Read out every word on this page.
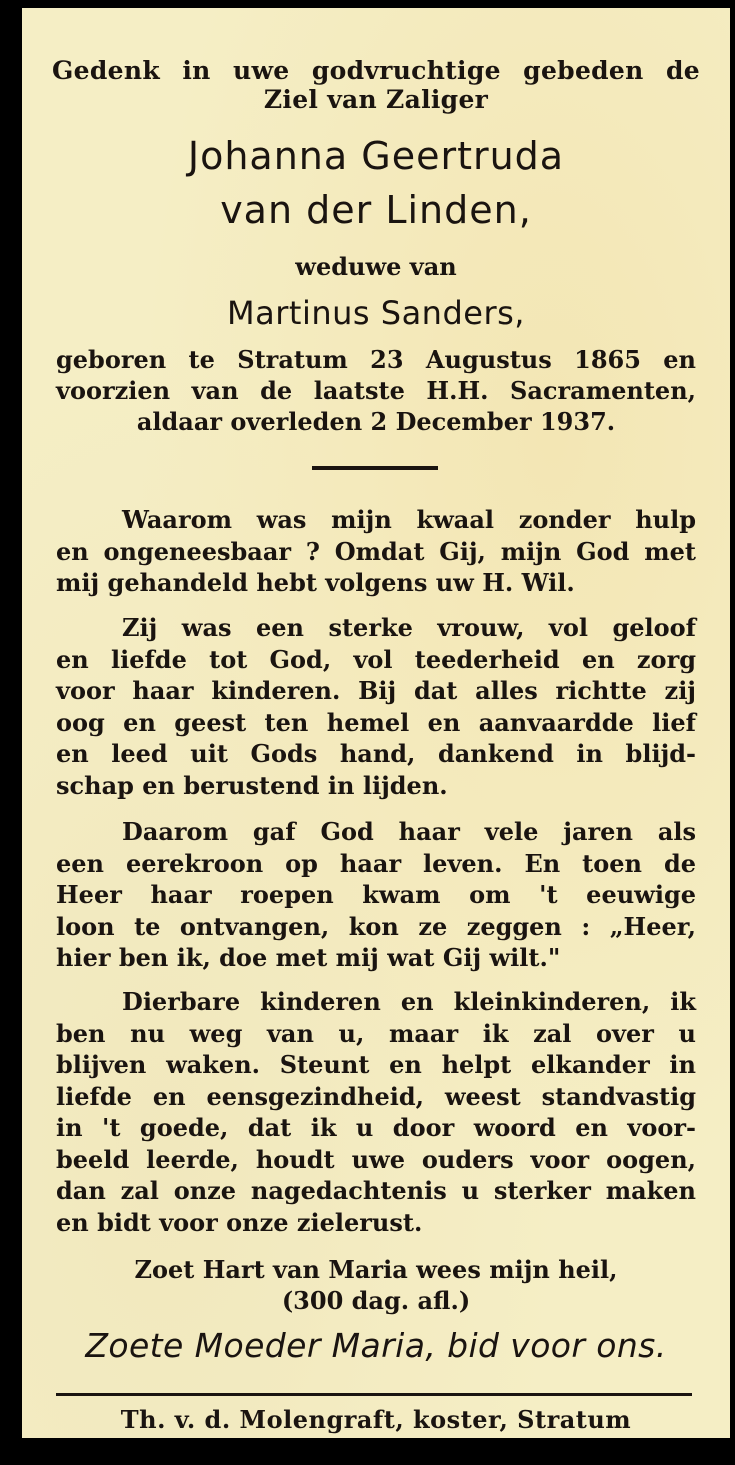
Gedenk in uwe godvruchtige gebeden de
Ziel van Zaliger
Johanna Geertruda
van der Linden,
weduwe van
Martinus Sanders,
geboren te Stratum 23 Augustus 1865 en
voorzien van de laatste H.H. Sacramenten,
aldaar overleden 2 December 1937.
Waarom was mijn kwaal zonder hulp
en ongeneesbaar ? Omdat Gij, mijn God met
mij gehandeld hebt volgens uw H. Wil.
Zij was een sterke vrouw, vol geloof
en liefde tot God, vol teederheid en zorg
voor haar kinderen. Bij dat alles richtte zij
oog en geest ten hemel en aanvaardde lief
en leed uit Gods hand, dankend in blijd-
schap en berustend in lijden.
Daarom gaf God haar vele jaren als
een eerekroon op haar leven. En toen de
Heer haar roepen kwam om 't eeuwige
loon te ontvangen, kon ze zeggen : „Heer,
hier ben ik, doe met mij wat Gij wilt."
Dierbare kinderen en kleinkinderen, ik
ben nu weg van u, maar ik zal over u
blijven waken. Steunt en helpt elkander in
liefde en eensgezindheid, weest standvastig
in 't goede, dat ik u door woord en voor-
beeld leerde, houdt uwe ouders voor oogen,
dan zal onze nagedachtenis u sterker maken
en bidt voor onze zielerust.
Zoet Hart van Maria wees mijn heil,
(300 dag. afl.)
Zoete Moeder Maria, bid voor ons.
Th. v. d. Molengraft, koster, Stratum
